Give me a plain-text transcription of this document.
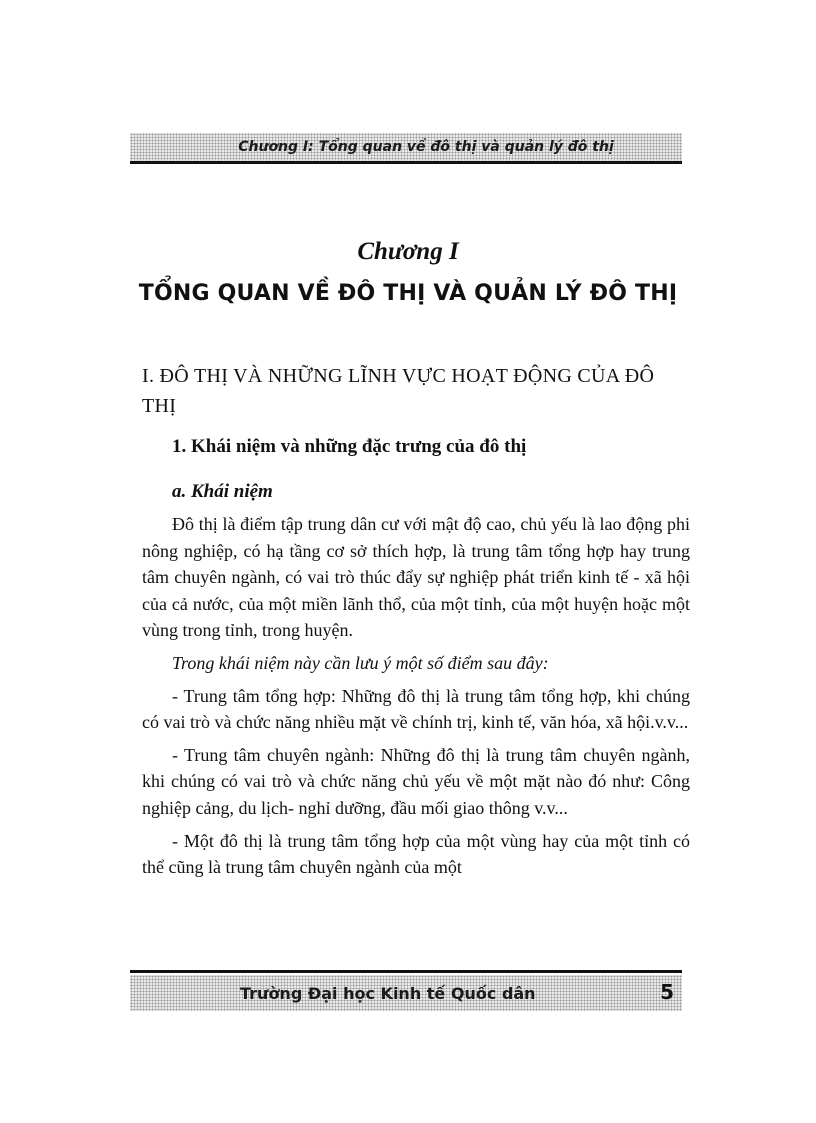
Chương I: Tổng quan về đô thị và quản lý đô thị
Chương I
TỔNG QUAN VỀ ĐÔ THỊ VÀ QUẢN LÝ ĐÔ THỊ
I. ĐÔ THỊ VÀ NHỮNG LĨNH VỰC HOẠT ĐỘNG CỦA ĐÔ THỊ
1. Khái niệm và những đặc trưng của đô thị
a. Khái niệm

Đô thị là điểm tập trung dân cư với mật độ cao, chủ yếu là lao động phi nông nghiệp, có hạ tầng cơ sở thích hợp, là trung tâm tổng hợp hay trung tâm chuyên ngành, có vai trò thúc đẩy sự nghiệp phát triển kinh tế - xã hội của cả nước, của một miền lãnh thổ, của một tỉnh, của một huyện hoặc một vùng trong tỉnh, trong huyện.

Trong khái niệm này cần lưu ý một số điểm sau đây:

- Trung tâm tổng hợp: Những đô thị là trung tâm tổng hợp, khi chúng có vai trò và chức năng nhiều mặt về chính trị, kinh tế, văn hóa, xã hội.v.v...

- Trung tâm chuyên ngành: Những đô thị là trung tâm chuyên ngành, khi chúng có vai trò và chức năng chủ yếu về một mặt nào đó như: Công nghiệp cảng, du lịch- nghỉ dưỡng, đầu mối giao thông v.v...

- Một đô thị là trung tâm tổng hợp của một vùng hay của một tỉnh có thể cũng là trung tâm chuyên ngành của một

Trường Đại học Kinh tế Quốc dân	5
